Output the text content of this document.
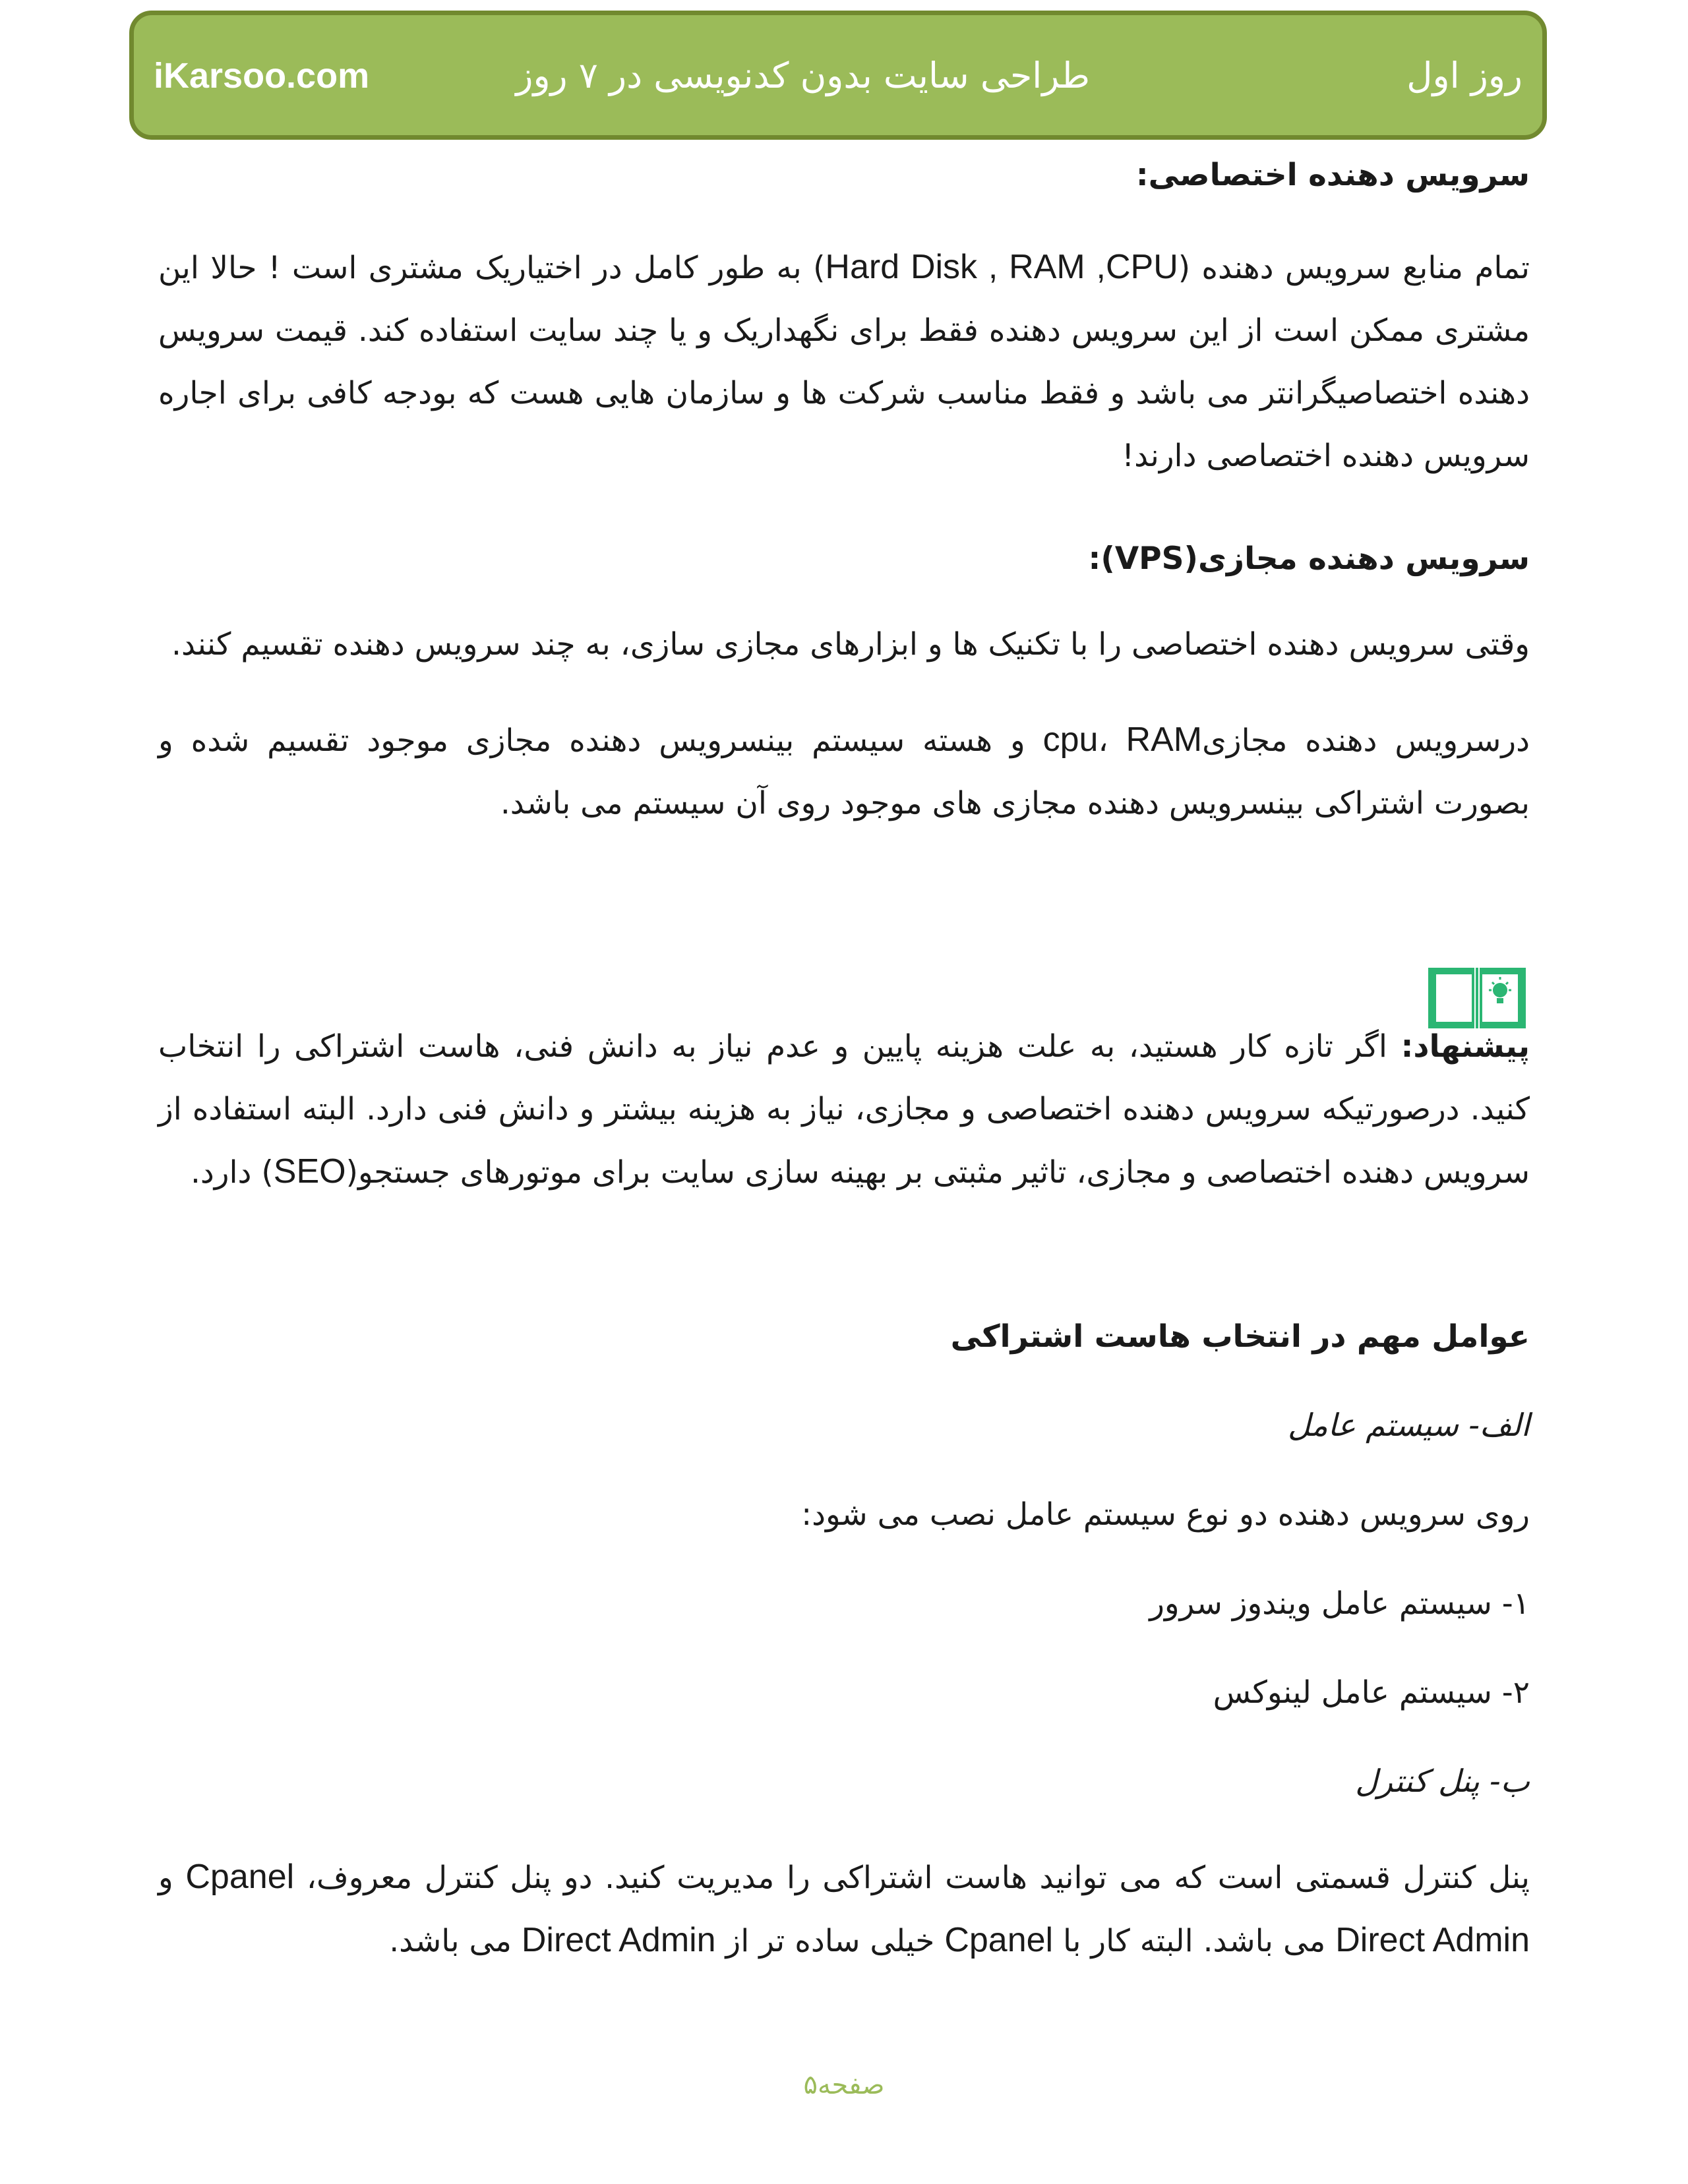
iKarsoo.com	طراحی سایت بدون کدنویسی در ۷ روز	روز اول
سرویس دهنده اختصاصی:
تمام منابع سرویس دهنده (Hard Disk , RAM ,CPU) به طور کامل در اختیاریک مشتری است ! حالا این مشتری ممکن است از این سرویس دهنده فقط برای نگهداریک و یا چند سایت استفاده کند. قیمت سرویس دهنده اختصاصیگرانتر می باشد و فقط مناسب شرکت ها و سازمان هایی هست که بودجه کافی برای اجاره سرویس دهنده اختصاصی دارند!
سرویس دهنده مجازی(VPS):
وقتی سرویس دهنده اختصاصی را با تکنیک ها و ابزارهای مجازی سازی، به چند سرویس دهنده تقسیم کنند.
درسرویس دهنده مجازیcpu، RAM و هسته سیستم بینسرویس دهنده مجازی موجود تقسیم شده و بصورت اشتراکی بینسرویس دهنده مجازی های موجود روی آن سیستم می باشد.
پیشنهاد: اگر تازه کار هستید، به علت هزینه پایین و عدم نیاز به دانش فنی، هاست اشتراکی را انتخاب کنید. درصورتیکه سرویس دهنده اختصاصی و مجازی، نیاز به هزینه بیشتر و دانش فنی دارد. البته استفاده از سرویس دهنده اختصاصی و مجازی، تاثیر مثبتی بر بهینه سازی سایت برای موتورهای جستجو(SEO) دارد.
عوامل مهم در انتخاب هاست اشتراکی
الف- سیستم عامل
روی سرویس دهنده دو نوع سیستم عامل نصب می شود:
۱- سیستم عامل ویندوز سرور
۲- سیستم عامل لینوکس
ب- پنل کنترل
پنل کنترل قسمتی است که می توانید هاست اشتراکی را مدیریت کنید. دو پنل کنترل معروف، Cpanel و Direct Admin می باشد. البته کار با Cpanel خیلی ساده تر از Direct Admin می باشد.
صفحه۵
